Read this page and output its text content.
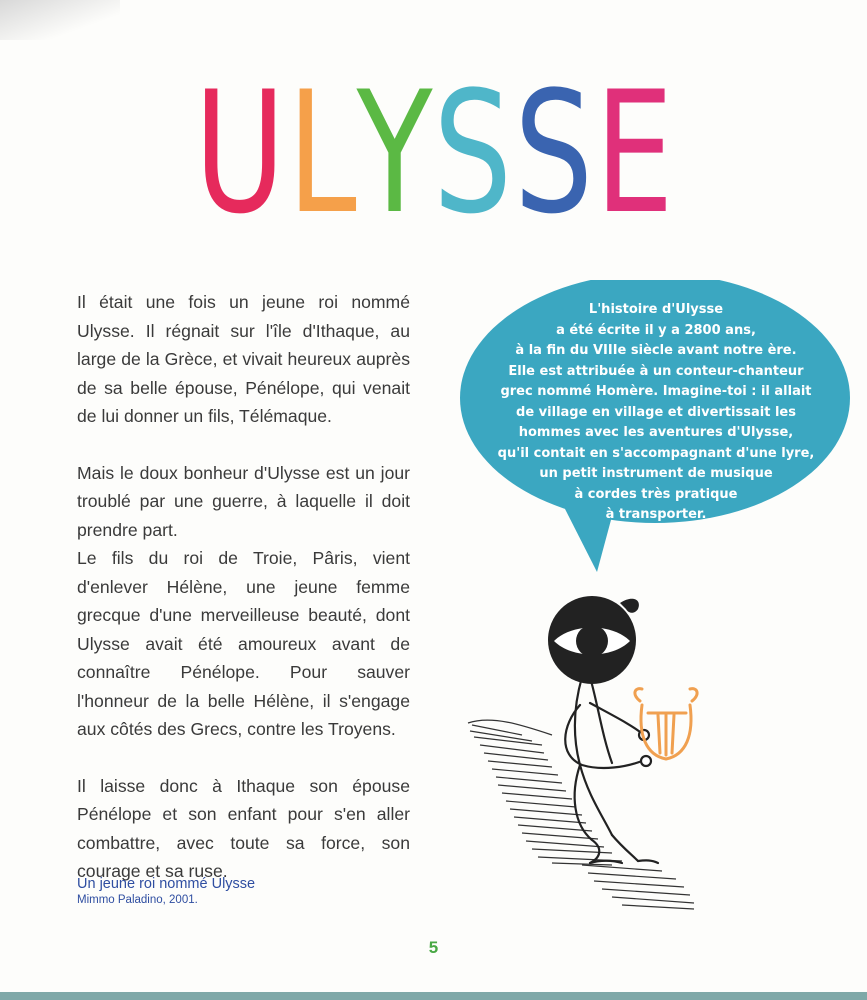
ULYSSE

Il était une fois un jeune roi nommé Ulysse. Il régnait sur l'île d'Ithaque, au large de la Grèce, et vivait heureux auprès de sa belle épouse, Pénélope, qui venait de lui donner un fils, Télémaque.

Mais le doux bonheur d'Ulysse est un jour troublé par une guerre, à laquelle il doit prendre part.

Le fils du roi de Troie, Pâris, vient d'enlever Hélène, une jeune femme grecque d'une merveilleuse beauté, dont Ulysse avait été amoureux avant de connaître Pénélope. Pour sauver l'honneur de la belle Hélène, il s'engage aux côtés des Grecs, contre les Troyens.

Il laisse donc à Ithaque son épouse Pénélope et son enfant pour s'en aller combattre, avec toute sa force, son courage et sa ruse.

L'histoire d'Ulysse
a été écrite il y a 2800 ans,
à la fin du VIIIe siècle avant notre ère.
Elle est attribuée à un conteur-chanteur
grec nommé Homère. Imagine-toi : il allait
de village en village et divertissait les
hommes avec les aventures d'Ulysse,
qu'il contait en s'accompagnant d'une lyre,
un petit instrument de musique
à cordes très pratique
à transporter.
Un jeune roi nommé Ulysse
Mimmo Paladino, 2001.
5
